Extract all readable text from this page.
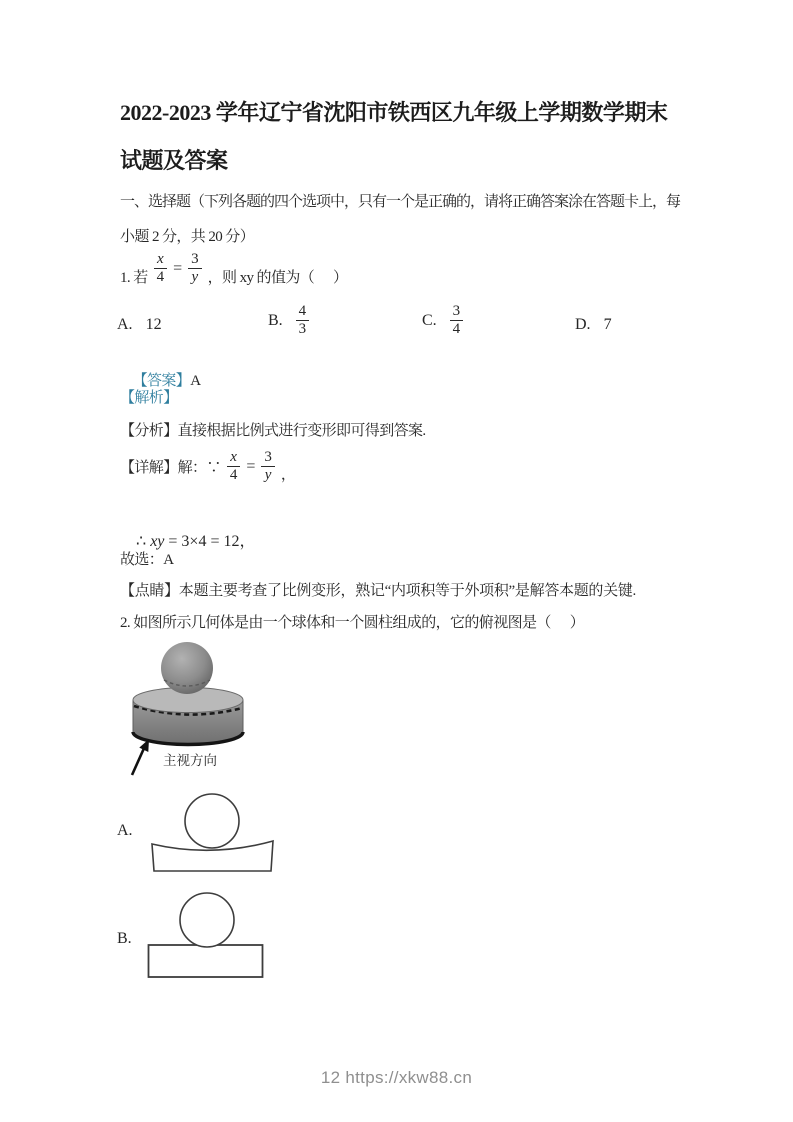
2022-2023 学年辽宁省沈阳市铁西区九年级上学期数学期末
试题及答案
一、选择题（下列各题的四个选项中，只有一个是正确的，请将正确答案涂在答题卡上，每
小题 2 分，共 20 分）
1. 若 $\frac{x}{4} = \frac{3}{y}$ ，则 xy 的值为（      ）
A. 12	B. $\frac{4}{3}$	C. $\frac{3}{4}$	D. 7

【答案】A

【解析】
【分析】直接根据比例式进行变形即可得到答案.
【详解】解：∵ $\frac{x}{4} = \frac{3}{y}$ ，

∴ xy = 3×4 = 12，

故选：A
【点睛】本题主要考查了比例变形，熟记“内项积等于外项积”是解答本题的关键.
2. 如图所示几何体是由一个球体和一个圆柱组成的，它的俯视图是（      ）
主视方向
A.
B.
12 https://xkw88.cn
